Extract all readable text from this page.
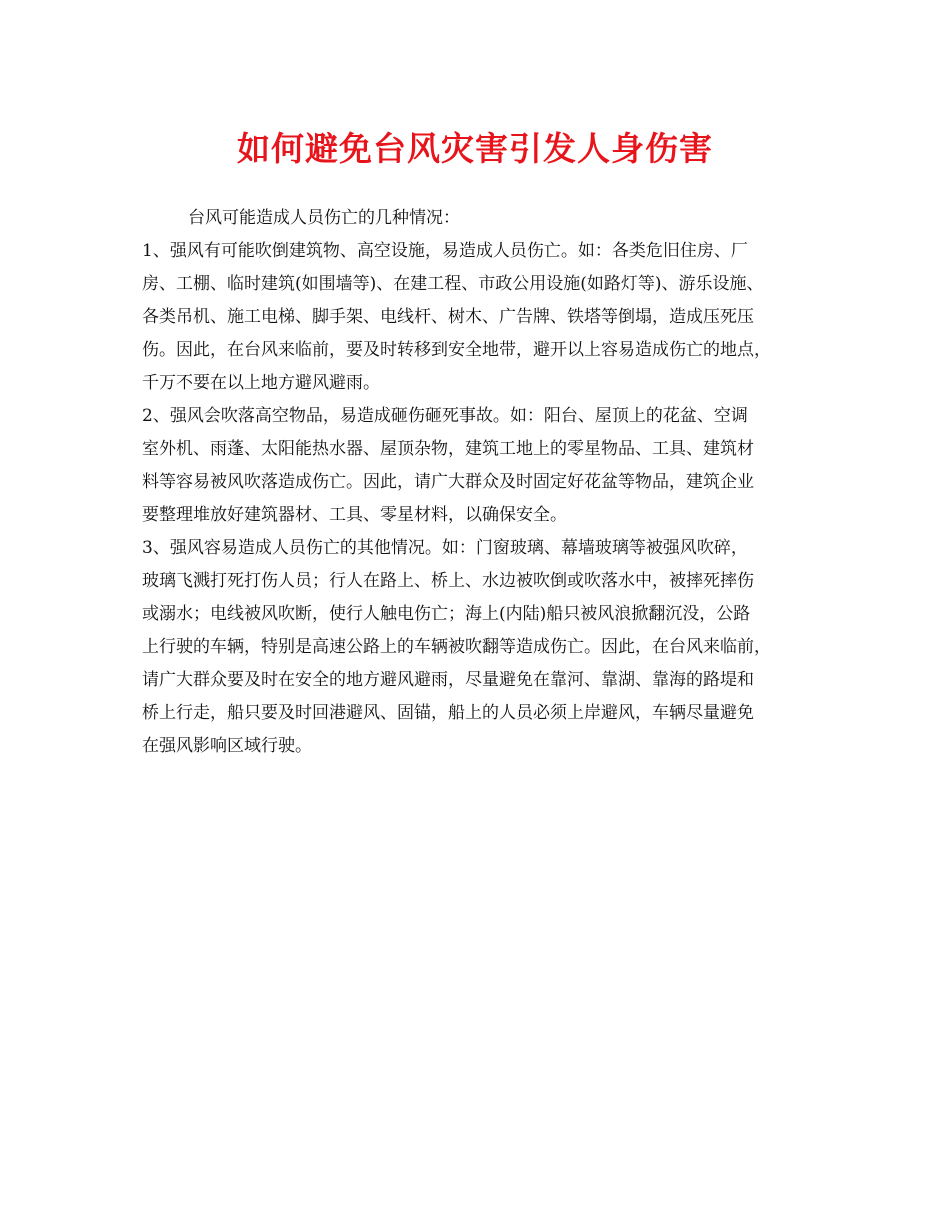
如何避免台风灾害引发人身伤害

台风可能造成人员伤亡的几种情况：

1、强风有可能吹倒建筑物、高空设施，易造成人员伤亡。如：各类危旧住房、厂
房、工棚、临时建筑(如围墙等)、在建工程、市政公用设施(如路灯等)、游乐设施、
各类吊机、施工电梯、脚手架、电线杆、树木、广告牌、铁塔等倒塌，造成压死压
伤。因此，在台风来临前，要及时转移到安全地带，避开以上容易造成伤亡的地点，
千万不要在以上地方避风避雨。

2、强风会吹落高空物品，易造成砸伤砸死事故。如：阳台、屋顶上的花盆、空调
室外机、雨蓬、太阳能热水器、屋顶杂物，建筑工地上的零星物品、工具、建筑材
料等容易被风吹落造成伤亡。因此，请广大群众及时固定好花盆等物品，建筑企业
要整理堆放好建筑器材、工具、零星材料，以确保安全。

3、强风容易造成人员伤亡的其他情况。如：门窗玻璃、幕墙玻璃等被强风吹碎，
玻璃飞溅打死打伤人员；行人在路上、桥上、水边被吹倒或吹落水中，被摔死摔伤
或溺水；电线被风吹断，使行人触电伤亡；海上(内陆)船只被风浪掀翻沉没，公路
上行驶的车辆，特别是高速公路上的车辆被吹翻等造成伤亡。因此，在台风来临前，
请广大群众要及时在安全的地方避风避雨，尽量避免在靠河、靠湖、靠海的路堤和
桥上行走，船只要及时回港避风、固锚，船上的人员必须上岸避风，车辆尽量避免
在强风影响区域行驶。
